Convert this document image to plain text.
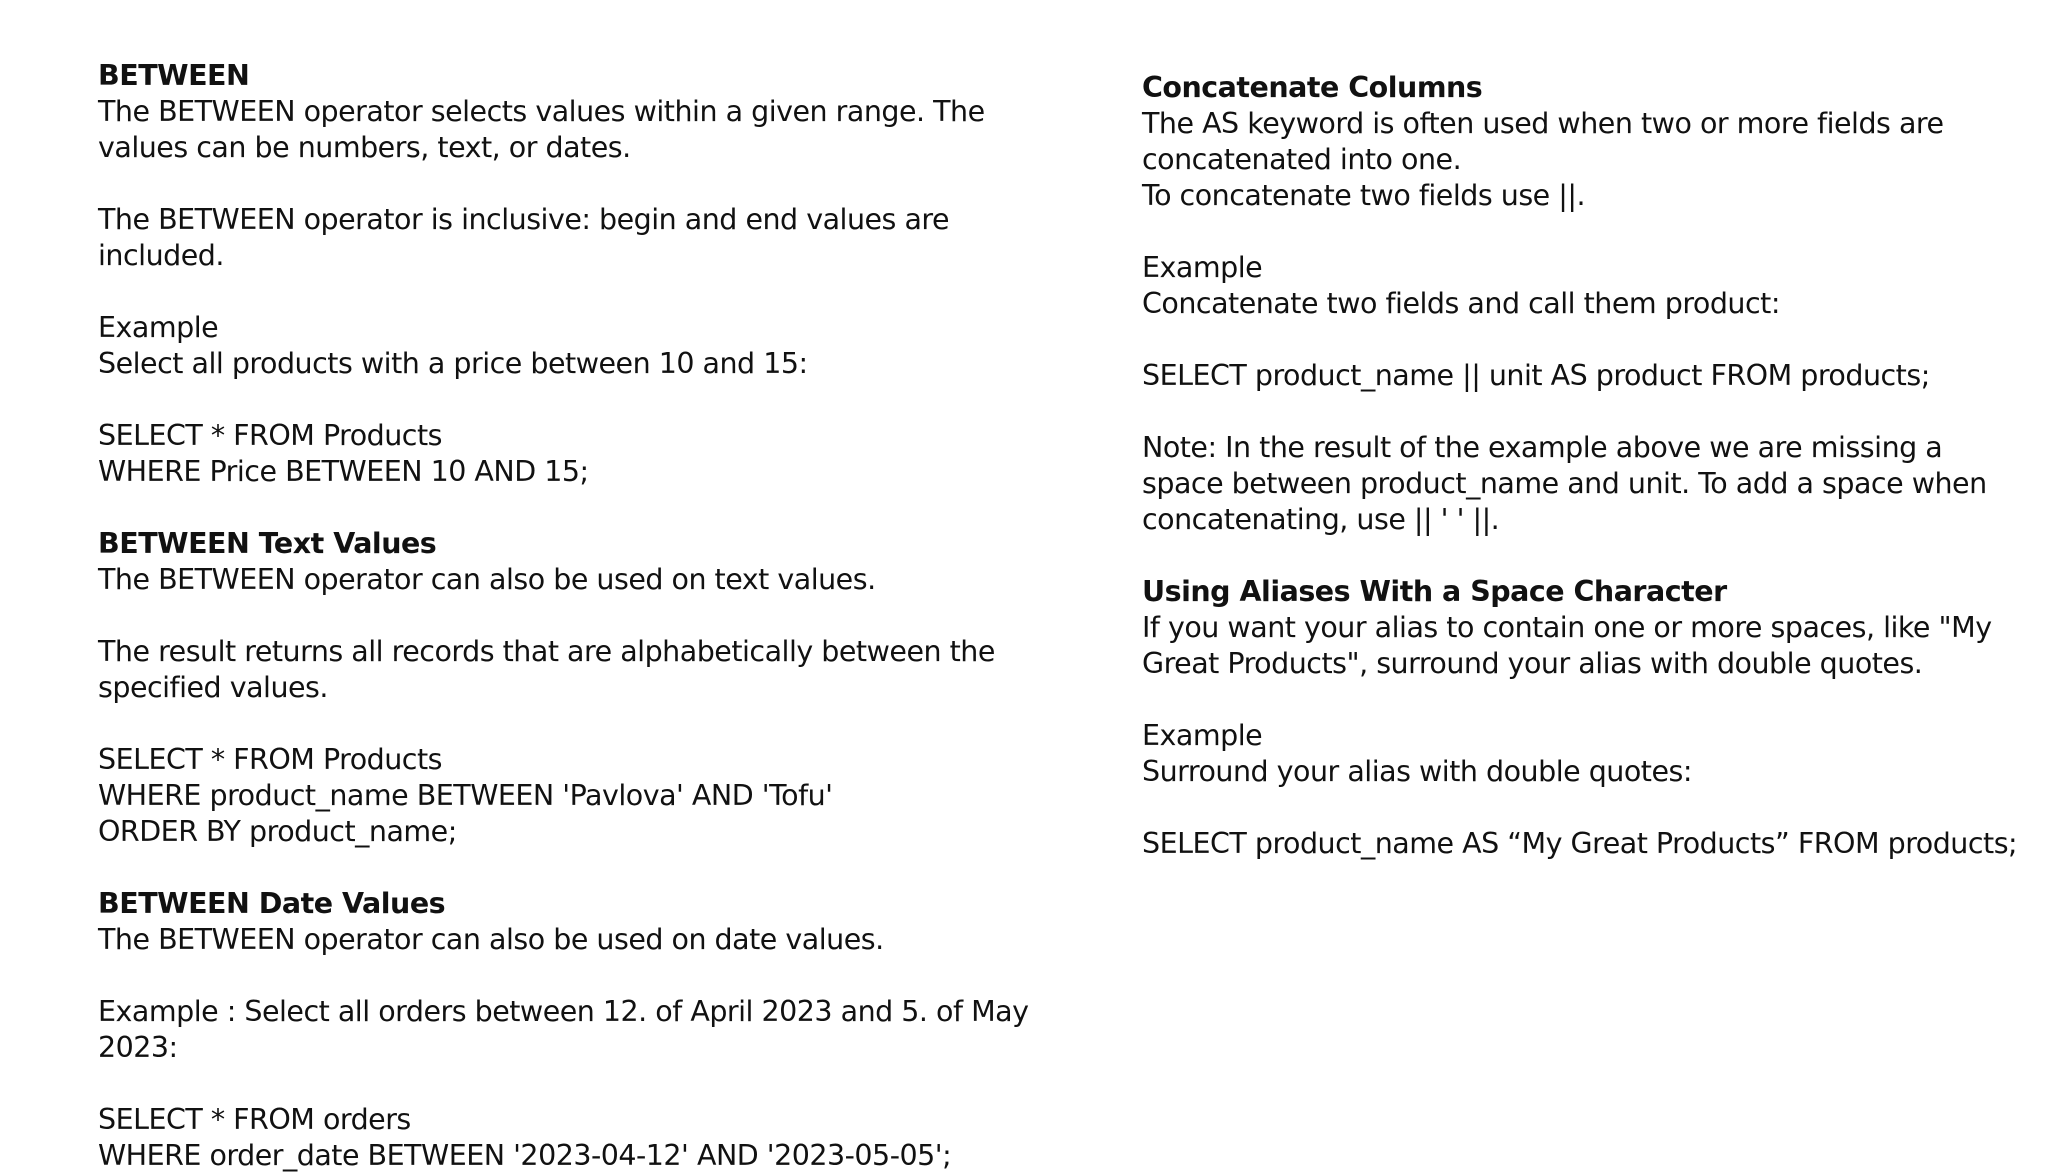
BETWEEN

The BETWEEN operator selects values within a given range. The values can be numbers, text, or dates.

The BETWEEN operator is inclusive: begin and end values are included.

Example

Select all products with a price between 10 and 15:

SELECT * FROM Products

WHERE Price BETWEEN 10 AND 15;

BETWEEN Text Values

The BETWEEN operator can also be used on text values.

The result returns all records that are alphabetically between the specified values.

SELECT * FROM Products

WHERE product_name BETWEEN 'Pavlova' AND 'Tofu'

ORDER BY product_name;

BETWEEN Date Values

The BETWEEN operator can also be used on date values.

Example : Select all orders between 12. of April 2023 and 5. of May 2023:

SELECT * FROM orders

WHERE order_date BETWEEN '2023-04-12' AND '2023-05-05';

Concatenate Columns

The AS keyword is often used when two or more fields are concatenated into one.

To concatenate two fields use ||.

Example

Concatenate two fields and call them product:

SELECT product_name || unit AS product FROM products;

Note: In the result of the example above we are missing a space between product_name and unit. To add a space when concatenating, use || ' ' ||.

Using Aliases With a Space Character

If you want your alias to contain one or more spaces, like "My Great Products", surround your alias with double quotes.

Example

Surround your alias with double quotes:

SELECT product_name AS “My Great Products” FROM products;
